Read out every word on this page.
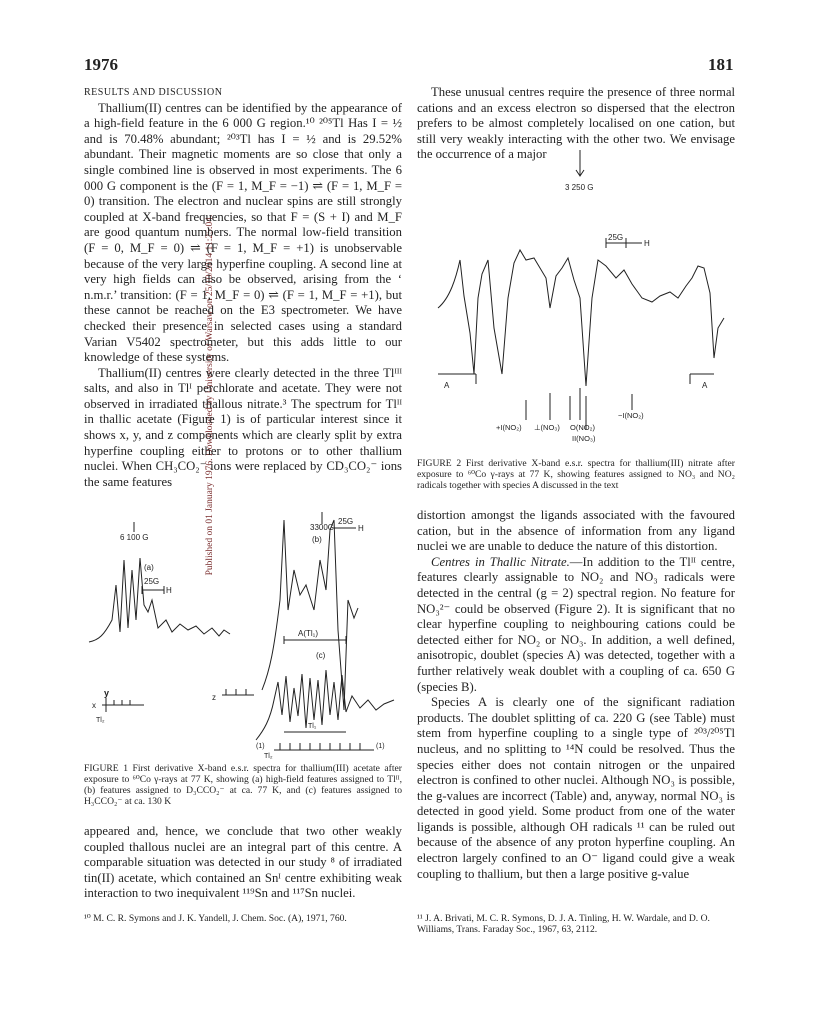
Published on 01 January 1976. Downloaded by University of Warsaw on 25/10/2014 11:25:04.
1976	181

RESULTS AND DISCUSSION

Thallium(II) centres can be identified by the appearance of a high-field feature in the 6 000 G region.¹⁰ ²⁰⁵Tl Has I = ½ and is 70.48% abundant; ²⁰³Tl has I = ½ and is 29.52% abundant. Their magnetic moments are so close that only a single combined line is observed in most experiments. The 6 000 G component is the (F = 1, M_F = −1) ⇌ (F = 1, M_F = 0) transition. The electron and nuclear spins are still strongly coupled at X-band frequencies, so that F = (S + I) and M_F are good quantum numbers. The normal low-field transition (F = 0, M_F = 0) ⇌ (F = 1, M_F = +1) is unobservable because of the very large hyperfine coupling. A second line at very high fields can also be observed, arising from the ‘ n.m.r.’ transition: (F = 1, M_F = 0) ⇌ (F = 1, M_F = +1), but these cannot be reached on the E3 spectrometer. We have checked their presence in selected cases using a standard Varian V5402 spectrometer, but this adds little to our knowledge of these systems.

Thallium(II) centres were clearly detected in the three Tlᴵᴵᴵ salts, and also in Tlᴵ perchlorate and acetate. They were not observed in irradiated thallous nitrate.³ The spectrum for Tlᴵᴵ in thallic acetate (Figure 1) is of particular interest since it shows x, y, and z components which are clearly split by extra hyperfine coupling either to protons or to other thallium nuclei. When CH₃CO₂⁻ ions were replaced by CD₃CO₂⁻ ions the same features

6 100 G
(a)
25G
3300G
25G
(b)
A(Tl₁)
(c)
y
x
z
Tl₂
Tl₁
(1)	(1)
Tl₂
H
H
FIGURE 1 First derivative X-band e.s.r. spectra for thallium(III) acetate after exposure to ⁶⁰Co γ-rays at 77 K, showing (a) high-field features assigned to Tlᴵᴵ, (b) features assigned to D₃CCO₂⁻ at ca. 77 K, and (c) features assigned to H₃CCO₂⁻ at ca. 130 K

appeared and, hence, we conclude that two other weakly coupled thallous nuclei are an integral part of this centre. A comparable situation was detected in our study ⁸ of irradiated tin(II) acetate, which contained an Snᴵ centre exhibiting weak interaction to two inequivalent ¹¹⁹Sn and ¹¹⁷Sn nuclei.

¹⁰ M. C. R. Symons and J. K. Yandell, J. Chem. Soc. (A), 1971, 760.

These unusual centres require the presence of three normal cations and an excess electron so dispersed that the electron prefers to be almost completely localised on one cation, but still very weakly interacting with the other two. We envisage the occurrence of a major

3 250 G
25G
H
A	A
+I(NO₂) ⊥(NO₃) O(NO₂)
II(NO₃)
−I(NO₂)
FIGURE 2 First derivative X-band e.s.r. spectra for thallium(III) nitrate after exposure to ⁶⁰Co γ-rays at 77 K, showing features assigned to NO₃ and NO₂ radicals together with species A discussed in the text

distortion amongst the ligands associated with the favoured cation, but in the absence of information from any ligand nuclei we are unable to deduce the nature of this distortion.

Centres in Thallic Nitrate.—In addition to the Tlᴵᴵ centre, features clearly assignable to NO₂ and NO₃ radicals were detected in the central (g = 2) spectral region. No feature for NO₃²⁻ could be observed (Figure 2). It is significant that no clear hyperfine coupling to neighbouring cations could be detected either for NO₂ or NO₃. In addition, a well defined, anisotropic, doublet (species A) was detected, together with a further relatively weak doublet with a coupling of ca. 650 G (species B).

Species A is clearly one of the significant radiation products. The doublet splitting of ca. 220 G (see Table) must stem from hyperfine coupling to a single type of ²⁰³/²⁰⁵Tl nucleus, and no splitting to ¹⁴N could be resolved. Thus the species either does not contain nitrogen or the unpaired electron is confined to other nuclei. Although NO₃ is possible, the g-values are incorrect (Table) and, anyway, normal NO₃ is detected in good yield. Some product from one of the water ligands is possible, although OH radicals ¹¹ can be ruled out because of the absence of any proton hyperfine coupling. An electron largely confined to an O⁻ ligand could give a weak coupling to thallium, but then a large positive g-value

¹¹ J. A. Brivati, M. C. R. Symons, D. J. A. Tinling, H. W. Wardale, and D. O. Williams, Trans. Faraday Soc., 1967, 63, 2112.
